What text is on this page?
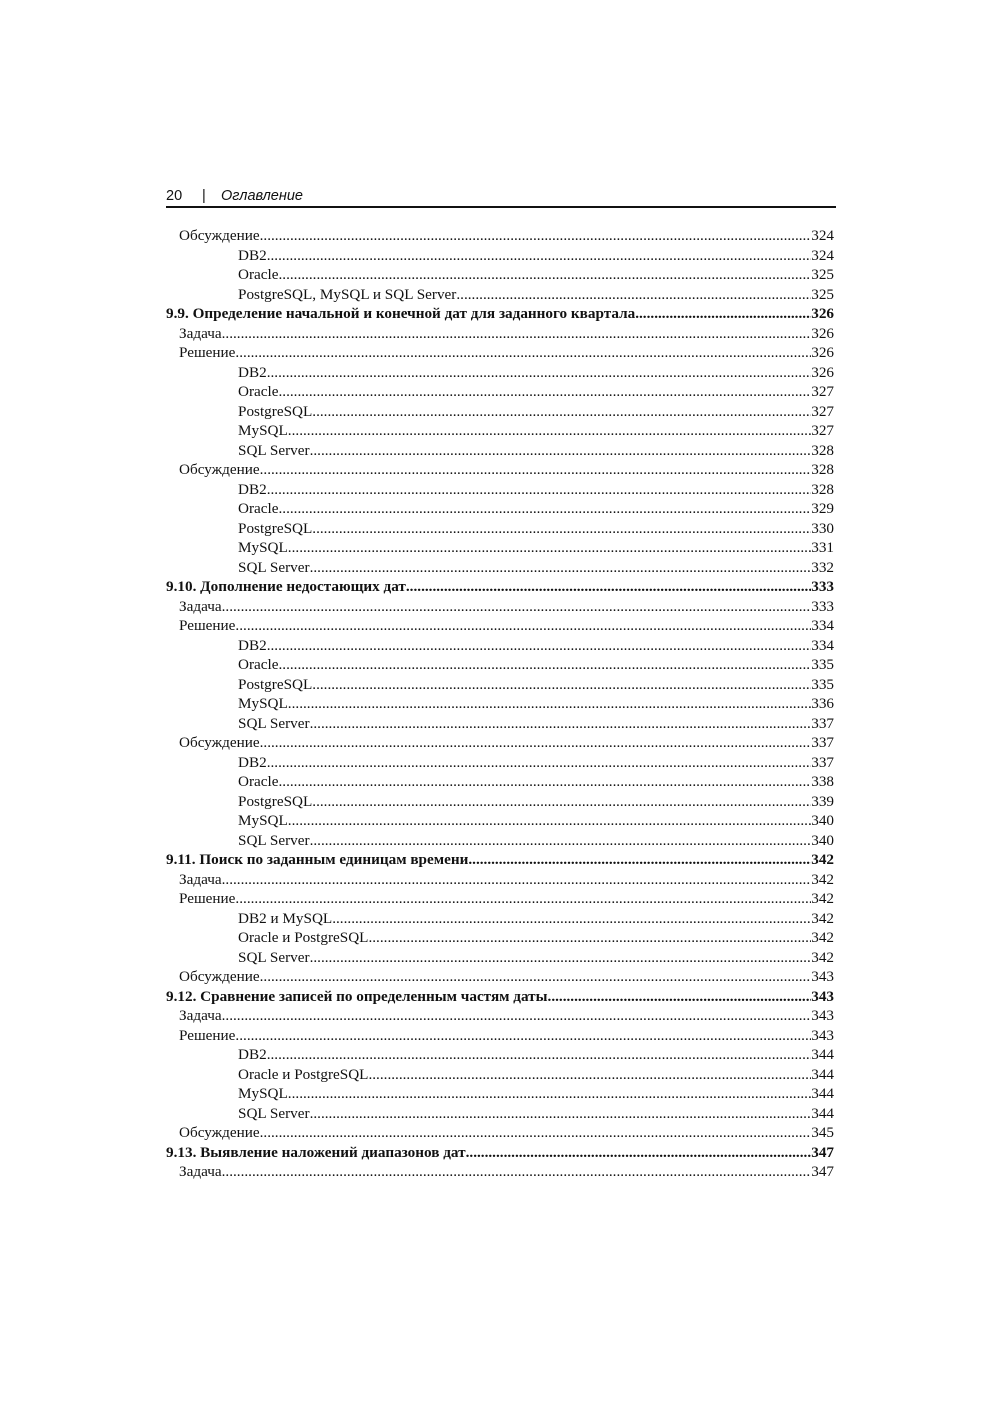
20 | Оглавление
Обсуждение .....	324
DB2 .....	324
Oracle .....	325
PostgreSQL, MySQL и SQL Server .....	325
9.9. Определение начальной и конечной дат для заданного квартала .....	326
Задача .....	326
Решение .....	326
DB2 .....	326
Oracle .....	327
PostgreSQL .....	327
MySQL .....	327
SQL Server .....	328
Обсуждение .....	328
DB2 .....	328
Oracle .....	329
PostgreSQL .....	330
MySQL .....	331
SQL Server .....	332
9.10. Дополнение недостающих дат .....	333
Задача .....	333
Решение .....	334
DB2 .....	334
Oracle .....	335
PostgreSQL .....	335
MySQL .....	336
SQL Server .....	337
Обсуждение .....	337
DB2 .....	337
Oracle .....	338
PostgreSQL .....	339
MySQL .....	340
SQL Server .....	340
9.11. Поиск по заданным единицам времени .....	342
Задача .....	342
Решение .....	342
DB2 и MySQL .....	342
Oracle и PostgreSQL .....	342
SQL Server .....	342
Обсуждение .....	343
9.12. Сравнение записей по определенным частям даты .....	343
Задача .....	343
Решение .....	343
DB2 .....	344
Oracle и PostgreSQL .....	344
MySQL .....	344
SQL Server .....	344
Обсуждение .....	345
9.13. Выявление наложений диапазонов дат .....	347
Задача .....	347
